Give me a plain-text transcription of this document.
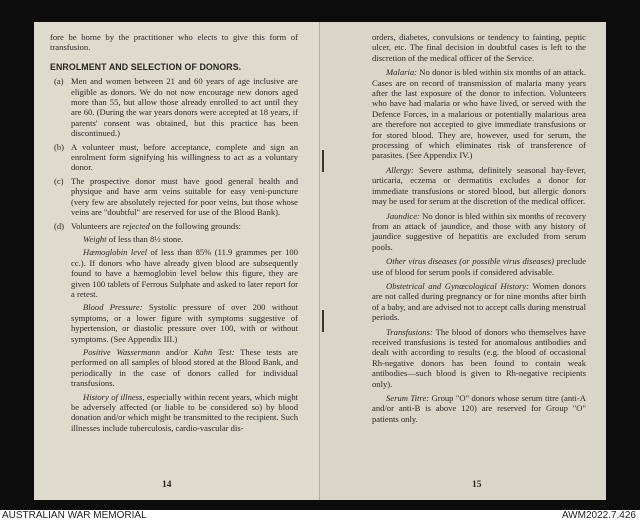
fore be borne by the practitioner who elects to give this form of transfusion.

ENROLMENT AND SELECTION OF DONORS.
(a) Men and women between 21 and 60 years of age inclusive are eligible as donors. We do not now encourage new donors aged more than 55, but allow those already enrolled to act until they are 60. (During the war years donors were accepted at 18 years, if parents' consent was obtained, but this practice has been discontinued.)
(b) A volunteer must, before acceptance, complete and sign an enrolment form signifying his willingness to act as a voluntary donor.
(c) The prospective donor must have good general health and physique and have arm veins suitable for easy veni-puncture (very few are absolutely rejected for poor veins, but those whose veins are "doubtful" are reserved for use of the Blood Bank).
(d) Volunteers are rejected on the following grounds:

Weight of less than 8½ stone.

Hæmoglobin level of less than 85% (11.9 grammes per 100 cc.). If donors who have already given blood are subsequently found to have a hæmoglobin level below this figure, they are given 100 tablets of Ferrous Sulphate and asked to later report for a retest.

Blood Pressure: Systolic pressure of over 200 without symptoms, or a lower figure with symptoms suggestive of hypertension, or diastolic pressure over 100, with or without symptoms. (See Appendix III.)

Positive Wassermann and/or Kahn Test: These tests are performed on all samples of blood stored at the Blood Bank, and periodically in the case of donors called for individual transfusions.

History of illness, especially within recent years, which might be adversely affected (or liable to be considered so) by blood donation and/or which might be transmitted to the recipient. Such illnesses include tuberculosis, cardio-vascular dis-

14

orders, diabetes, convulsions or tendency to fainting, peptic ulcer, etc. The final decision in doubtful cases is left to the discretion of the medical officer of the Service.

Malaria: No donor is bled within six months of an attack. Cases are on record of transmission of malaria many years after the last exposure of the donor to infection. Volunteers who have had malaria or who have lived, or served with the Defence Forces, in a malarious or potentially malarious area are therefore not accepted to give immediate transfusions or for stored blood. They are, however, used for serum, the processing of which eliminates risk of transference of parasites. (See Appendix IV.)

Allergy: Severe asthma, definitely seasonal hay-fever, urticaria, eczema or dermatitis excludes a donor for immediate transfusions or stored blood, but allergic donors may be used for serum at the discretion of the medical officer.

Jaundice: No donor is bled within six months of recovery from an attack of jaundice, and those with any history of jaundice suggestive of hepatitis are excluded from serum pools.

Other virus diseases (or possible virus diseases) preclude use of blood for serum pools if considered advisable.

Obstetrical and Gynæcological History: Women donors are not called during pregnancy or for nine months after birth of a baby, and are advised not to accept calls during menstrual periods.

Transfusions: The blood of donors who themselves have received transfusions is tested for anomalous antibodies and dealt with according to results (e.g. the blood of occasional Rh-negative donors has been found to contain weak antibodies—such blood is given to Rh-negative recipients only).

Serum Titre: Group "O" donors whose serum titre (anti-A and/or anti-B is above 120) are reserved for Group "O" patients only.

15
AUSTRALIAN WAR MEMORIAL	AWM2022.7.426
